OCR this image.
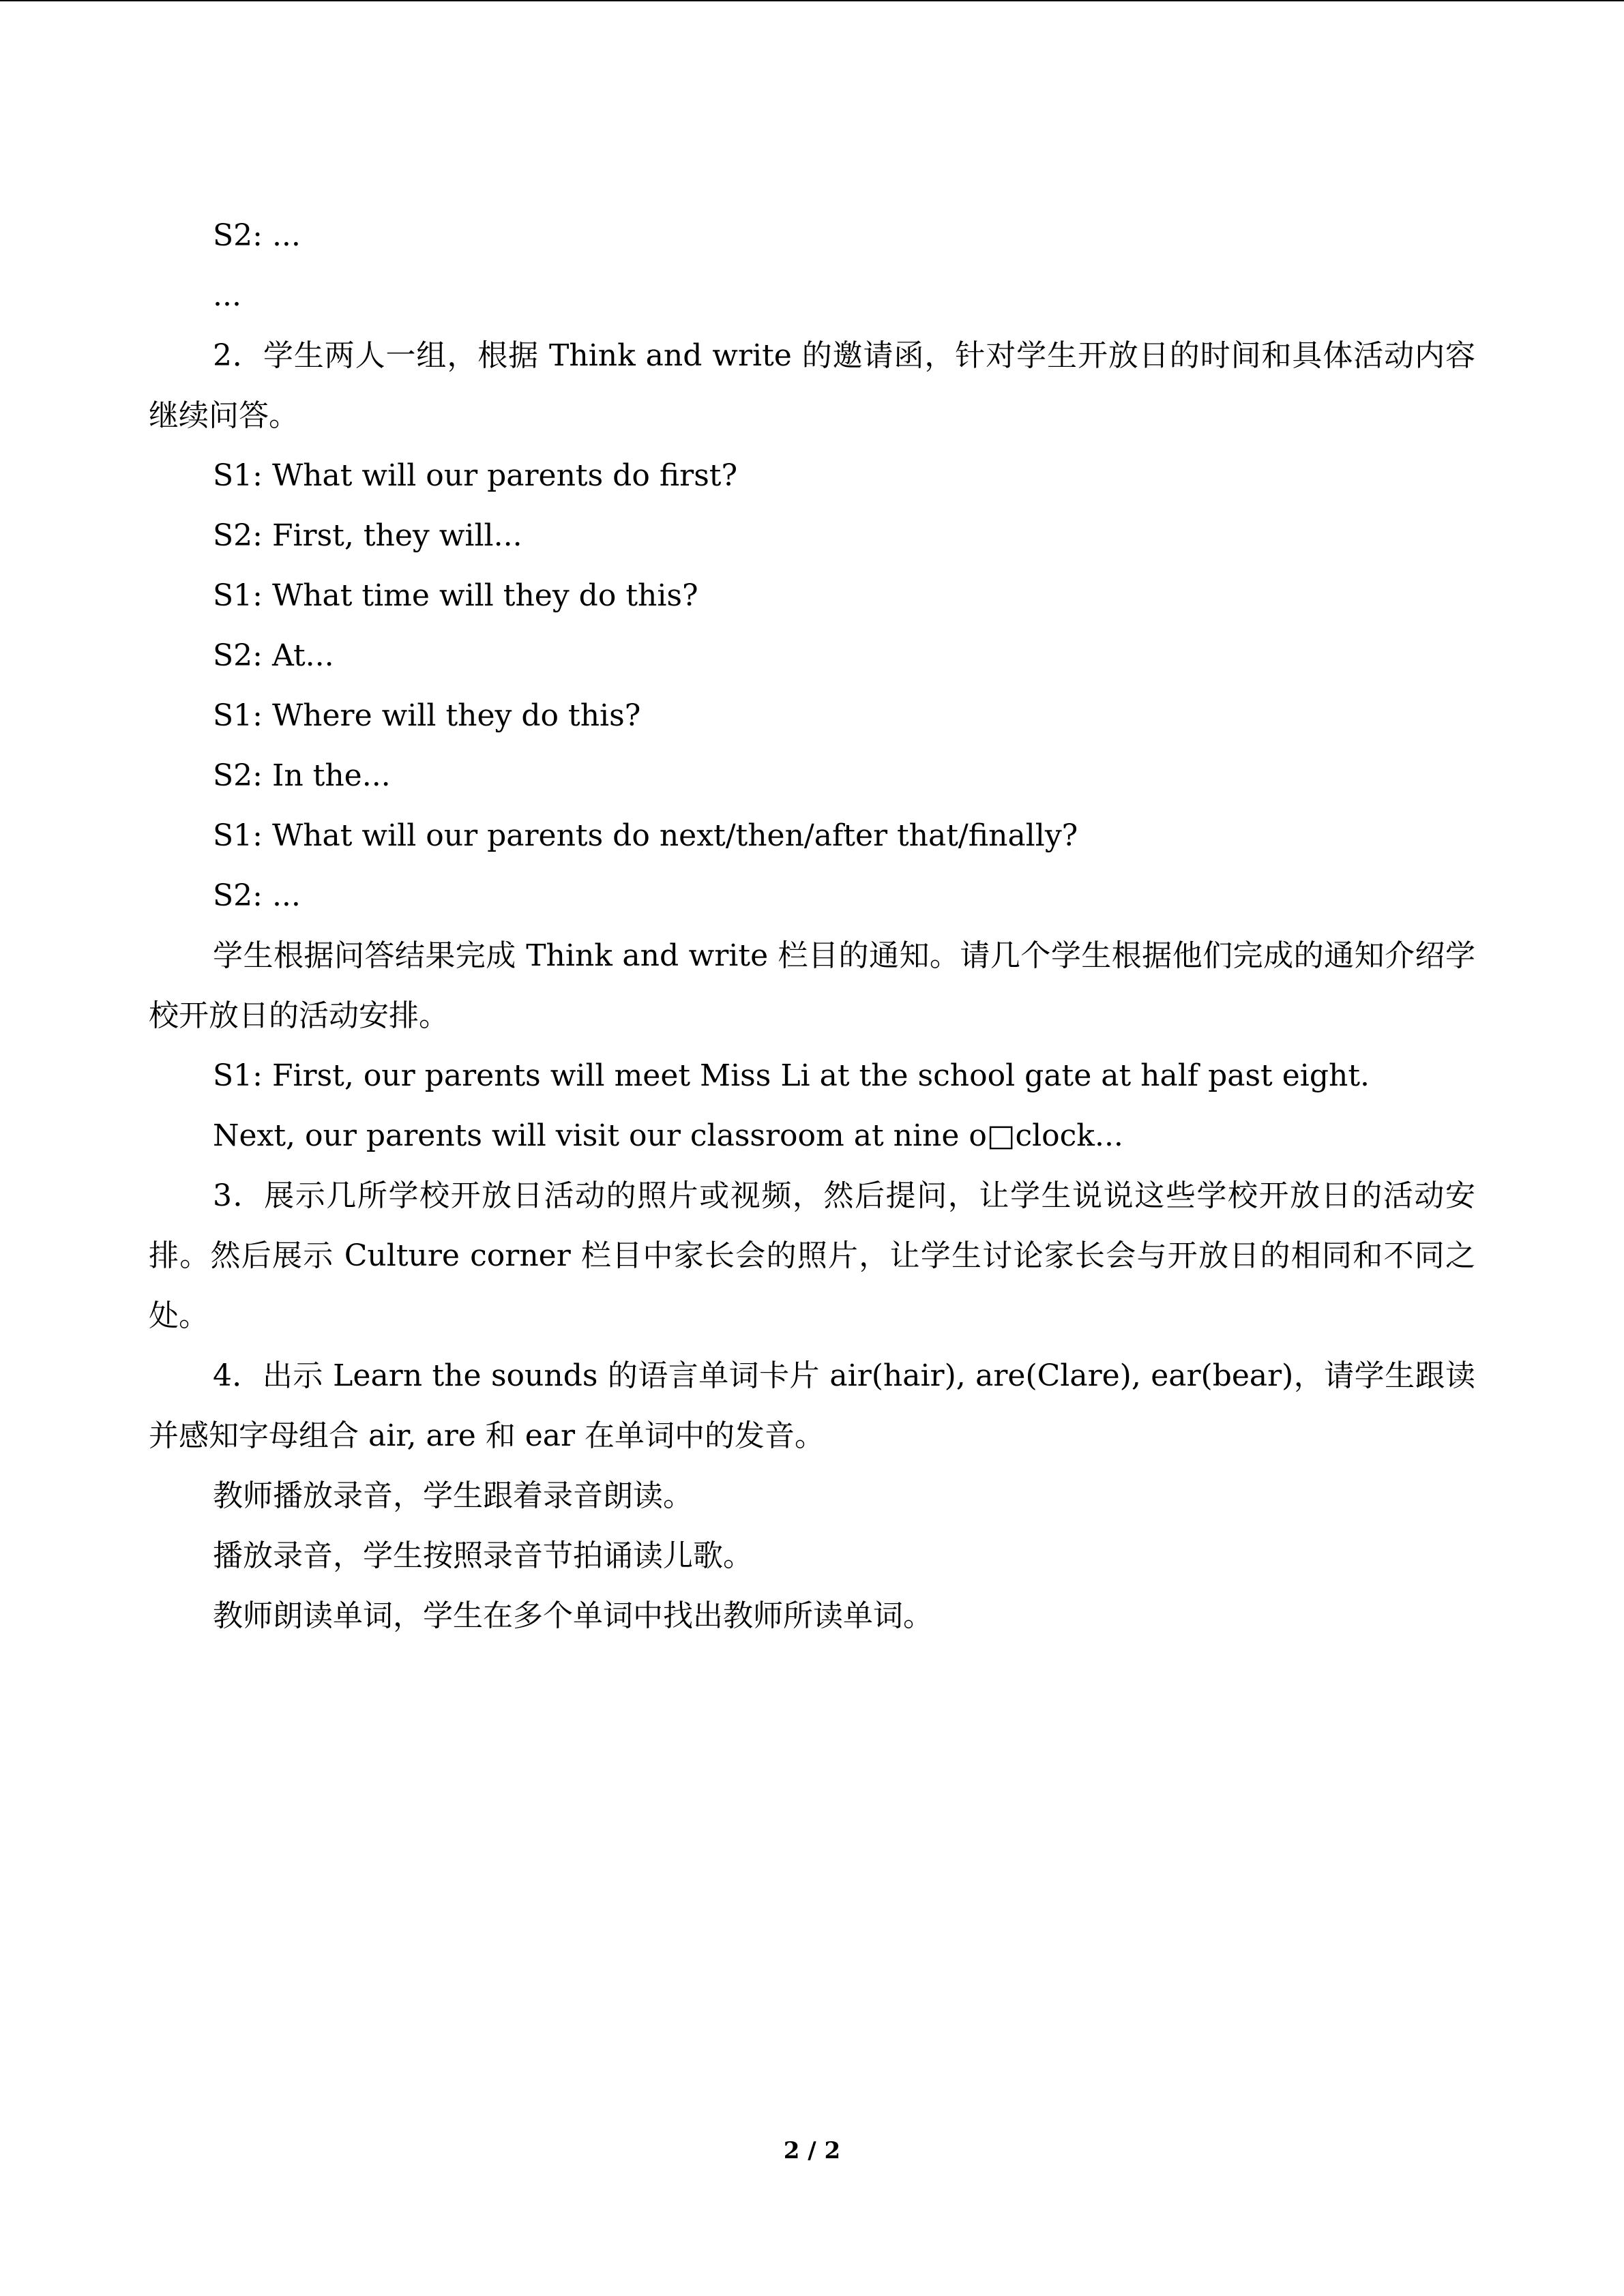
S2: ...
...
2．学生两人一组，根据 Think and write 的邀请函，针对学生开放日的时间和具体活动内容继续问答。
S1: What will our parents do first?
S2: First, they will...
S1: What time will they do this?
S2: At...
S1: Where will they do this?
S2: In the...
S1: What will our parents do next/then/after that/finally?
S2: ...
学生根据问答结果完成 Think and write 栏目的通知。请几个学生根据他们完成的通知介绍学校开放日的活动安排。
S1: First, our parents will meet Miss Li at the school gate at half past eight.
Next, our parents will visit our classroom at nine o□clock...
3．展示几所学校开放日活动的照片或视频，然后提问，让学生说说这些学校开放日的活动安排。然后展示 Culture corner 栏目中家长会的照片，让学生讨论家长会与开放日的相同和不同之处。
4．出示 Learn the sounds 的语言单词卡片 air(hair), are(Clare), ear(bear)，请学生跟读并感知字母组合 air, are 和 ear 在单词中的发音。
教师播放录音，学生跟着录音朗读。
播放录音，学生按照录音节拍诵读儿歌。
教师朗读单词，学生在多个单词中找出教师所读单词。
2 / 2
